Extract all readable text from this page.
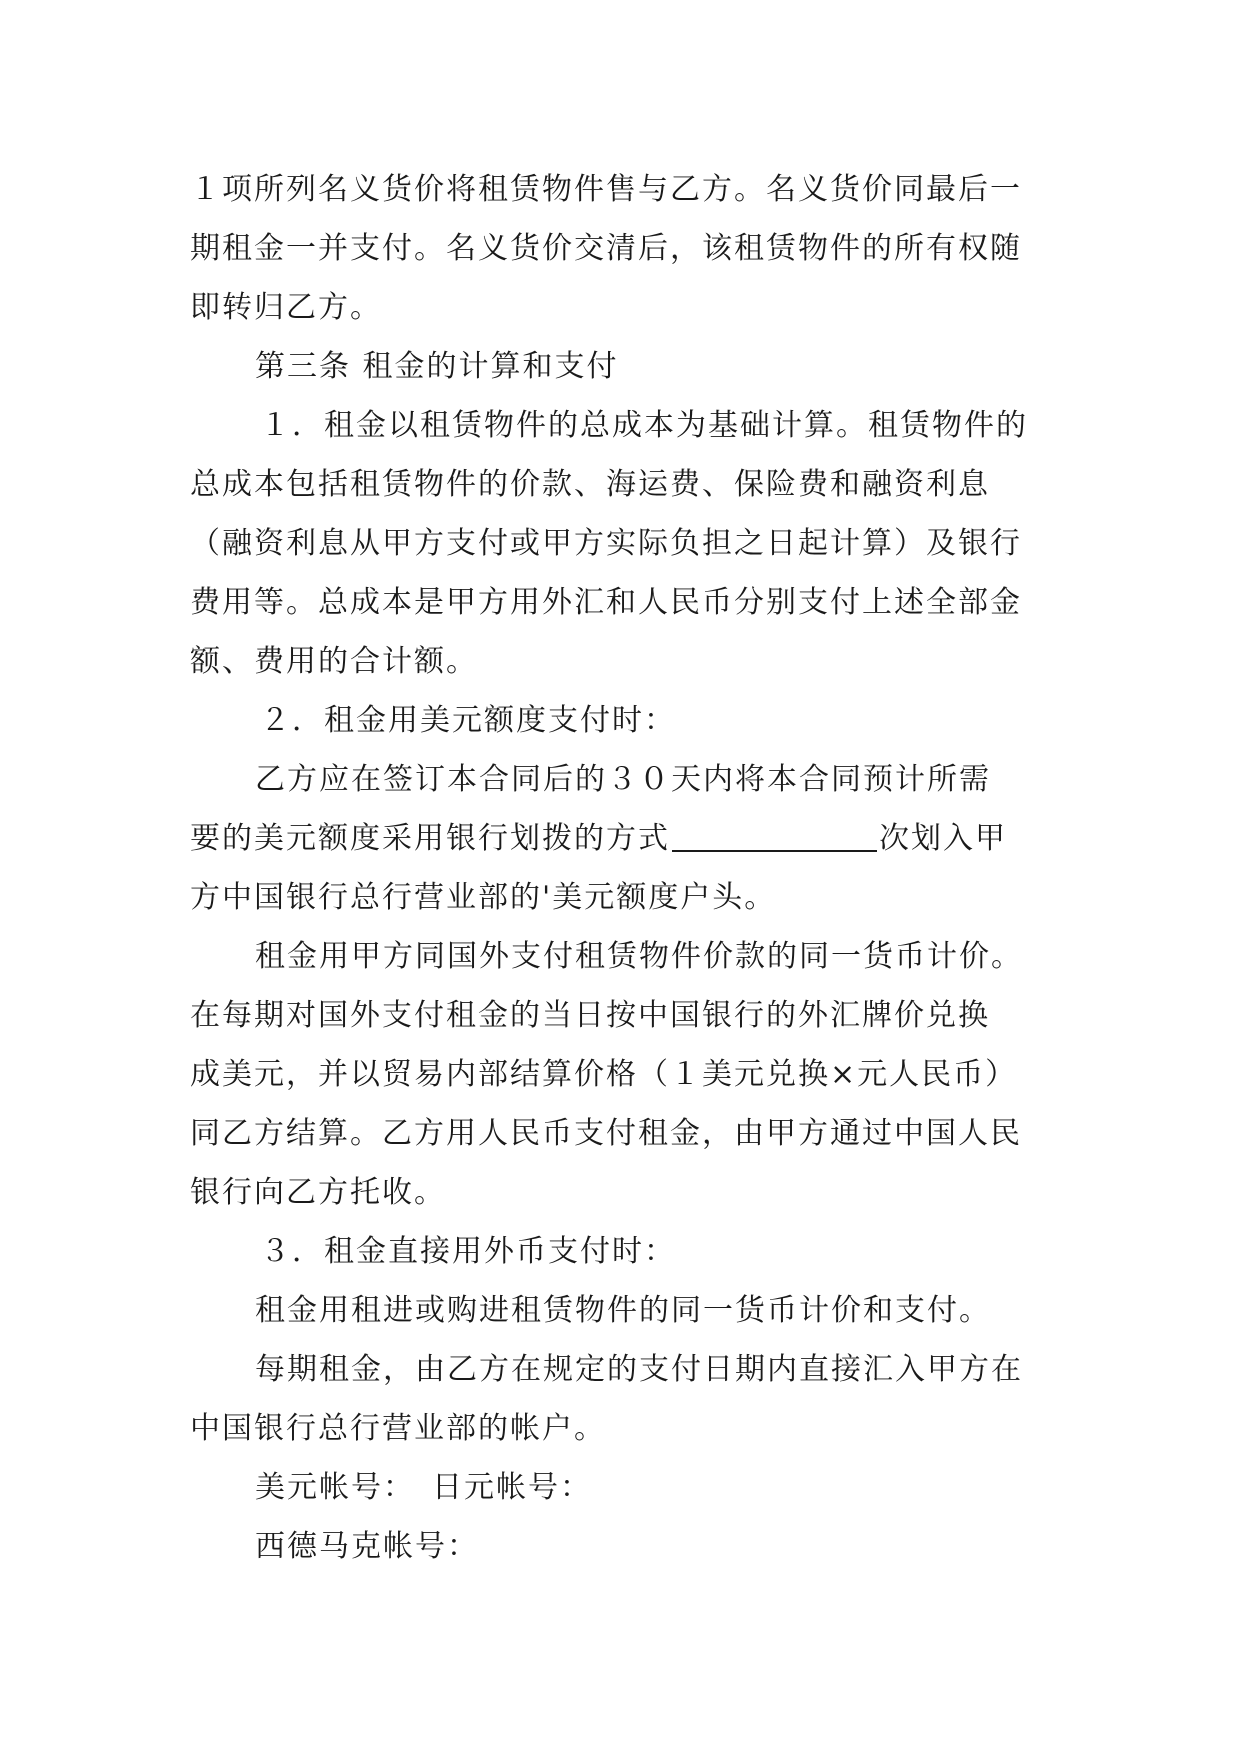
１项所列名义货价将租赁物件售与乙方。名义货价同最后一
期租金一并支付。名义货价交清后，该租赁物件的所有权随
即转归乙方。
第三条 租金的计算和支付
１．租金以租赁物件的总成本为基础计算。租赁物件的
总成本包括租赁物件的价款、海运费、保险费和融资利息
（融资利息从甲方支付或甲方实际负担之日起计算）及银行
费用等。总成本是甲方用外汇和人民币分别支付上述全部金
额、费用的合计额。
２．租金用美元额度支付时：
乙方应在签订本合同后的３０天内将本合同预计所需
要的美元额度采用银行划拨的方式	次划入甲
方中国银行总行营业部的'美元额度户头。
租金用甲方同国外支付租赁物件价款的同一货币计价。
在每期对国外支付租金的当日按中国银行的外汇牌价兑换
成美元，并以贸易内部结算价格（１美元兑换×元人民币）
同乙方结算。乙方用人民币支付租金，由甲方通过中国人民
银行向乙方托收。
３．租金直接用外币支付时：
租金用租进或购进租赁物件的同一货币计价和支付。
每期租金，由乙方在规定的支付日期内直接汇入甲方在
中国银行总行营业部的帐户。
美元帐号：　日元帐号：
西德马克帐号：
